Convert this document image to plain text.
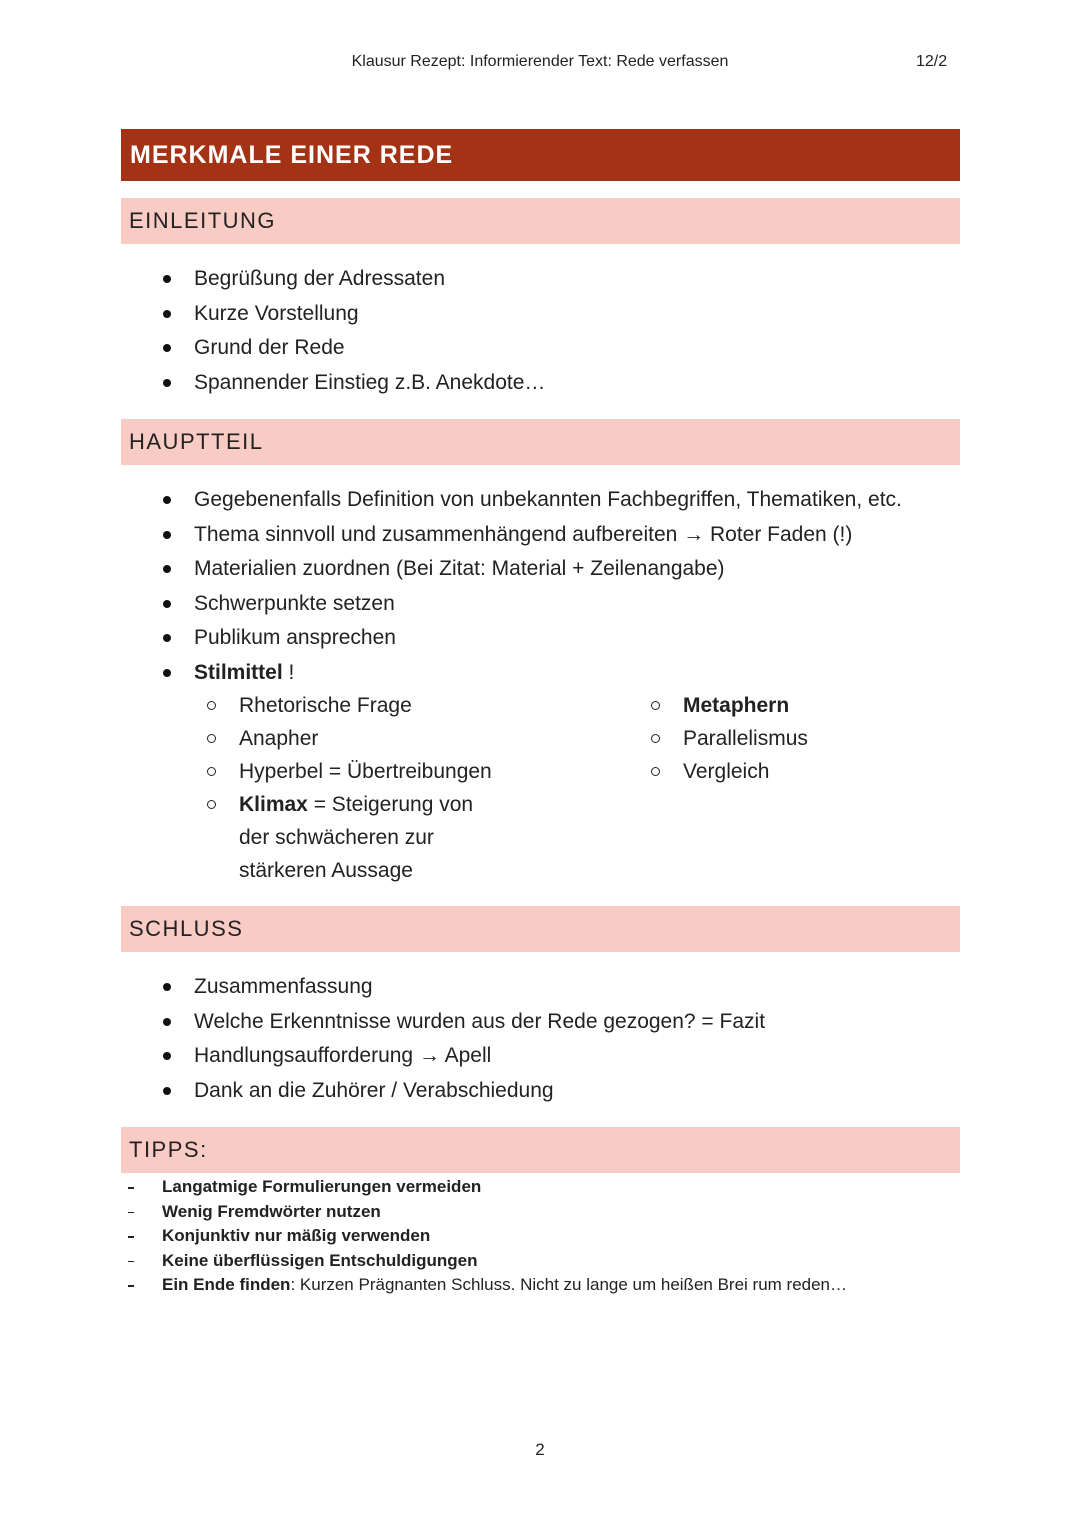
Klausur Rezept: Informierender Text: Rede verfassen	12/2
MERKMALE EINER REDE
EINLEITUNG
Begrüßung der Adressaten
Kurze Vorstellung
Grund der Rede
Spannender Einstieg z.B. Anekdote…
HAUPTTEIL
Gegebenenfalls Definition von unbekannten Fachbegriffen, Thematiken, etc.
Thema sinnvoll und zusammenhängend aufbereiten → Roter Faden (!)
Materialien zuordnen (Bei Zitat: Material + Zeilenangabe)
Schwerpunkte setzen
Publikum ansprechen
Stilmittel !
Rhetorische Frage
Anapher
Hyperbel = Übertreibungen
Klimax = Steigerung von der schwächeren zur stärkeren Aussage
Metaphern
Parallelismus
Vergleich
SCHLUSS
Zusammenfassung
Welche Erkenntnisse wurden aus der Rede gezogen? = Fazit
Handlungsaufforderung → Apell
Dank an die Zuhörer / Verabschiedung
TIPPS:
Langatmige Formulierungen vermeiden
Wenig Fremdwörter nutzen
Konjunktiv nur mäßig verwenden
Keine überflüssigen Entschuldigungen
Ein Ende finden: Kurzen Prägnanten Schluss. Nicht zu lange um heißen Brei rum reden…
2
